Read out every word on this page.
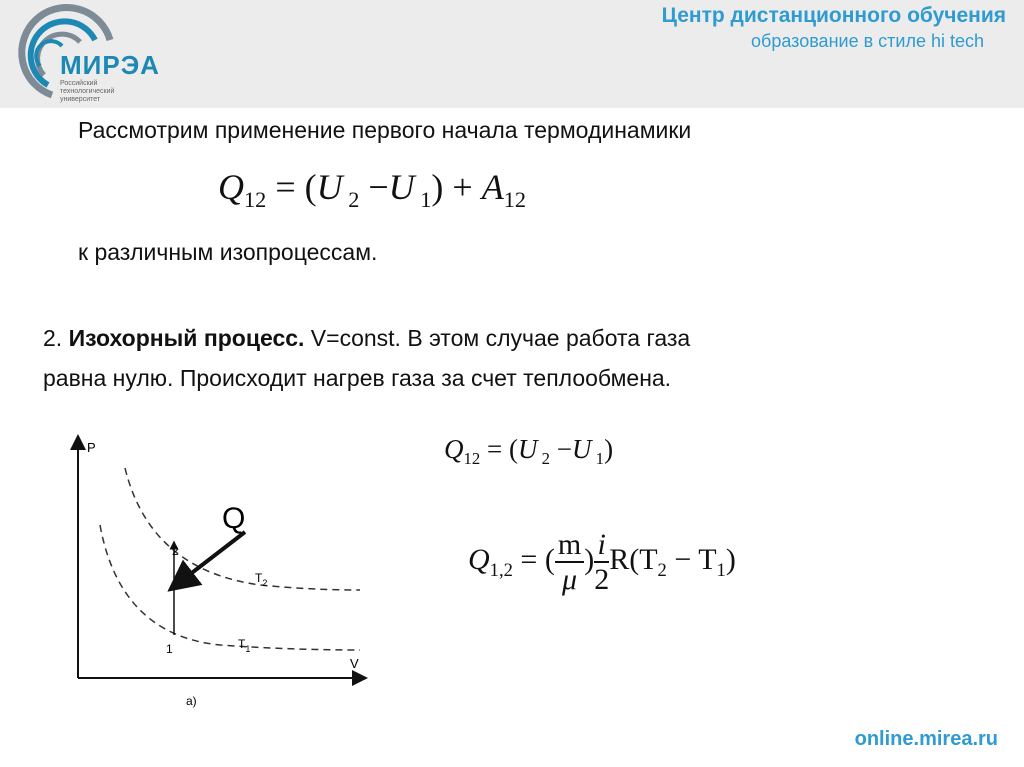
МИРЭА
Российский технологический университет
Центр дистанционного обучения
образование в стиле hi tech
Рассмотрим применение первого начала термодинамики
$Q_{12} = (U$ $_2$ −U $_1) + A_{12}$
к различным изопроцессам.
2. Изохорный процесс. V=const. В этом случае работа газа
равна нулю. Происходит нагрев газа за счет теплообмена.
P
V
Q
1
2
$T_2$
$T_1$
а)
$Q_{12} = (U$ $_2$ −U $_1$)
$Q_{1,2}$ = ( $\frac{m}{\mu}$ ) $\frac{i}{2} R(T_2 - T_1)$
online.mirea.ru
